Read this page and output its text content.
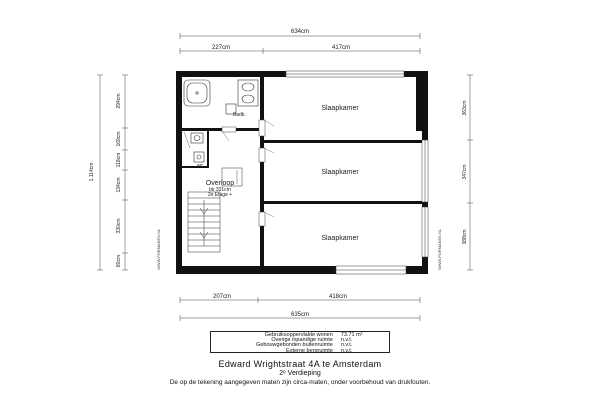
634cm
227cm	417cm
207cm	418cm
635cm
1.114cm
294cm
169cm
118cm
134cm
330cm
80cm
363cm
347cm
388cm
WWW.FORMAKEN.NL	WWW.FORMAKEN.NL
Badk.
wc
Slaapkamer
Slaapkamer
Slaapkamer
Overloop
bk 331cm
2e Etage +
Gebruiksoppervlakte wonen	73.71 m²
Overige inpandige ruimte	n.v.t.
Gebouwgebonden buitenruimte	n.v.t.
Externe bergruimte	n.v.t.
Edward Wrightstraat 4A te Amsterdam
2ᵉ Verdieping
De op de tekening aangegeven maten zijn circa-maten, onder voorbehoud van drukfouten.
